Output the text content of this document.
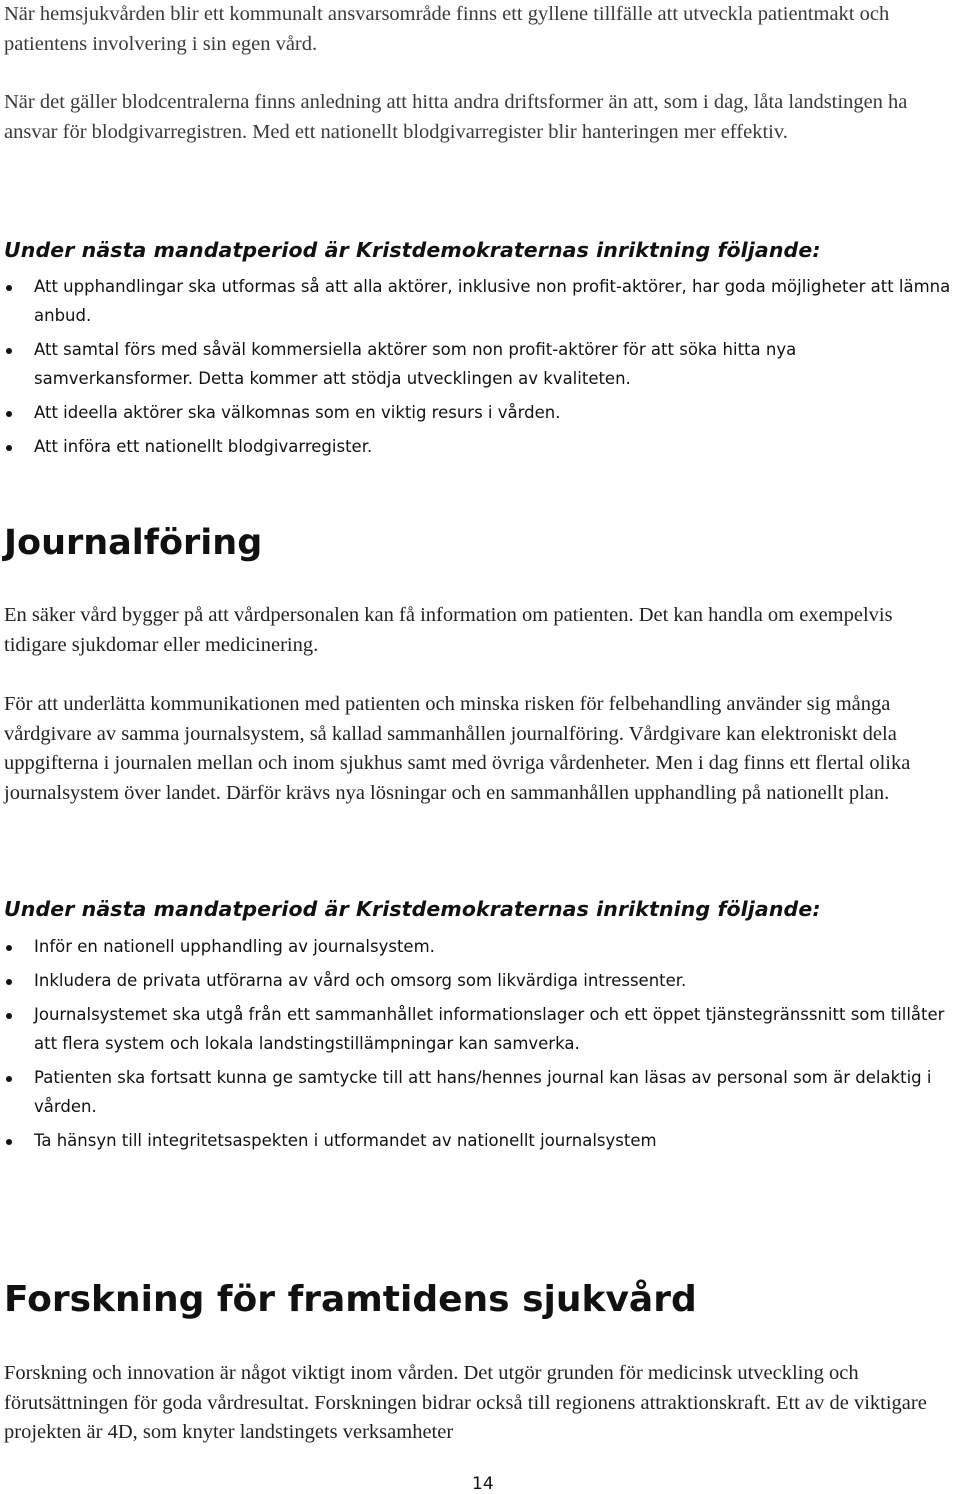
När hemsjukvården blir ett kommunalt ansvarsområde finns ett gyllene tillfälle att utveckla patientmakt och patientens involvering i sin egen vård.

När det gäller blodcentralerna finns anledning att hitta andra driftsformer än att, som i dag, låta landstingen ha ansvar för blodgivarregistren. Med ett nationellt blodgivarregister blir hanteringen mer effektiv.

Under nästa mandatperiod är Kristdemokraternas inriktning följande:
Att upphandlingar ska utformas så att alla aktörer, inklusive non profit-aktörer, har goda möjligheter att lämna anbud.
Att samtal förs med såväl kommersiella aktörer som non profit-aktörer för att söka hitta nya samverkansformer. Detta kommer att stödja utvecklingen av kvaliteten.
Att ideella aktörer ska välkomnas som en viktig resurs i vården.
Att införa ett nationellt blodgivarregister.
Journalföring

En säker vård bygger på att vårdpersonalen kan få information om patienten. Det kan handla om exempelvis tidigare sjukdomar eller medicinering.

För att underlätta kommunikationen med patienten och minska risken för felbehandling använder sig många vårdgivare av samma journalsystem, så kallad sammanhållen journalföring. Vårdgivare kan elektroniskt dela uppgifterna i journalen mellan och inom sjukhus samt med övriga vårdenheter. Men i dag finns ett flertal olika journalsystem över landet. Därför krävs nya lösningar och en sammanhållen upphandling på nationellt plan.

Under nästa mandatperiod är Kristdemokraternas inriktning följande:
Inför en nationell upphandling av journalsystem.
Inkludera de privata utförarna av vård och omsorg som likvärdiga intressenter.
Journalsystemet ska utgå från ett sammanhållet informationslager och ett öppet tjänstegränssnitt som tillåter att flera system och lokala landstingstillämpningar kan samverka.
Patienten ska fortsatt kunna ge samtycke till att hans/hennes journal kan läsas av personal som är delaktig i vården.
Ta hänsyn till integritetsaspekten i utformandet av nationellt journalsystem
Forskning för framtidens sjukvård

Forskning och innovation är något viktigt inom vården. Det utgör grunden för medicinsk utveckling och förutsättningen för goda vårdresultat. Forskningen bidrar också till regionens attraktionskraft. Ett av de viktigare projekten är 4D, som knyter landstingets verksamheter

14
